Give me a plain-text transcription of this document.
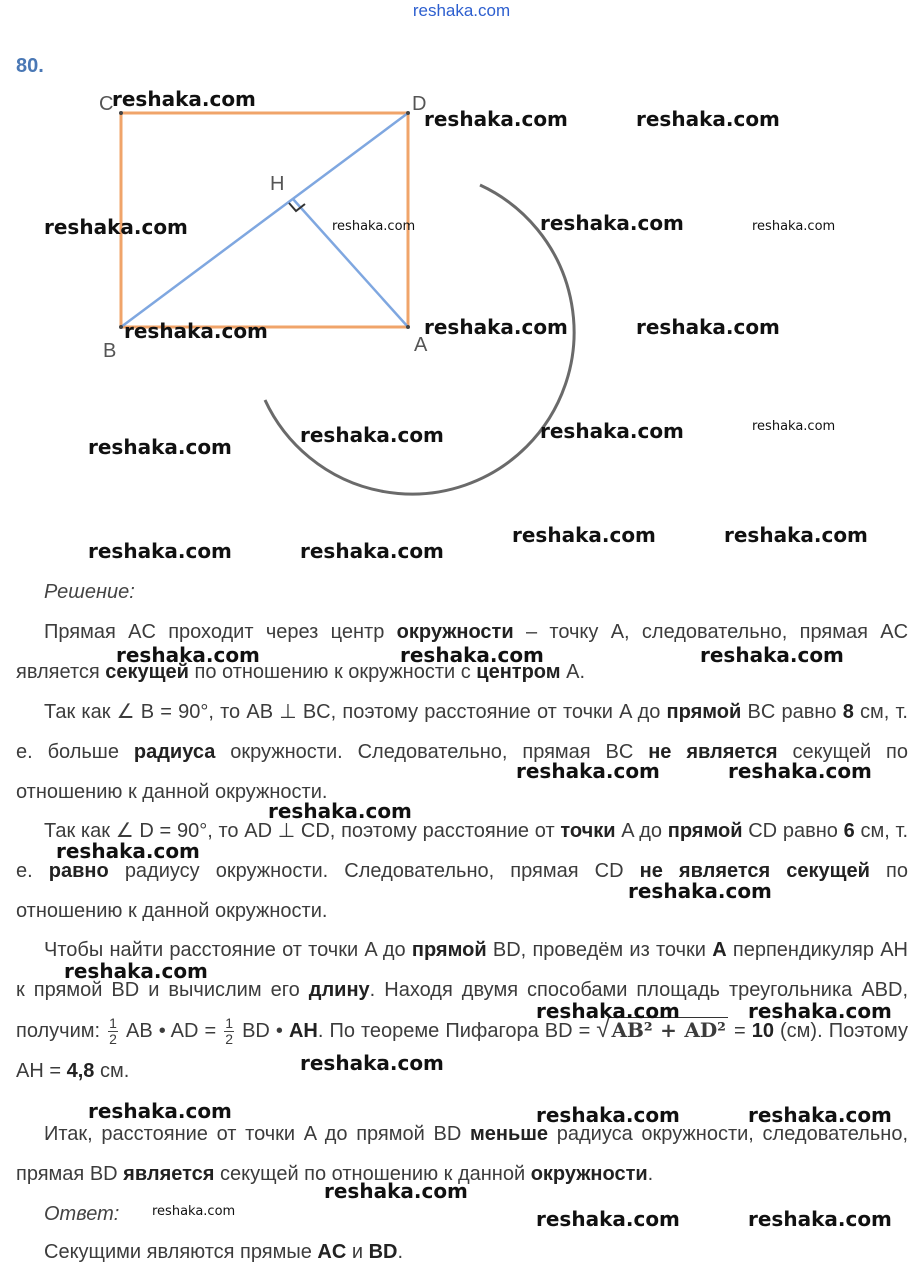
reshaka.com
80.
C	D
H
B	A
reshaka.com
reshaka.com	reshaka.com
reshaka.com	reshaka.com	reshaka.com	reshaka.com
reshaka.com	reshaka.com	reshaka.com
reshaka.com	reshaka.com	reshaka.com	reshaka.com
reshaka.com	reshaka.com
reshaka.com	reshaka.com
Решение:
Прямая AC проходит через центр окружности – точку A, следовательно, прямая AC является секущей по отношению к окружности с центром A.
Так как ∠ B = 90°, то AB ⊥ BC, поэтому расстояние от точки A до прямой BC равно 8 см, т. е. больше радиуса окружности. Следовательно, прямая BC не является секущей по отношению к данной окружности.
Так как ∠ D = 90°, то AD ⊥ CD, поэтому расстояние от точки A до прямой CD равно 6 см, т. е. равно радиусу окружности. Следовательно, прямая CD не является секущей по отношению к данной окружности.
Чтобы найти расстояние от точки A до прямой BD, проведём из точки A перпендикуляр AH к прямой BD и вычислим его длину. Находя двумя способами площадь треугольника ABD, получим: $\frac{1}{2}$ AB • AD = $\frac{1}{2}$ BD • AH. По теореме Пифагора BD = √ AB² + AD² = 10 (см). Поэтому AH = 4,8 см.
Итак, расстояние от точки A до прямой BD меньше радиуса окружности, следовательно, прямая BD является секущей по отношению к данной окружности.
Ответ:
Секущими являются прямые AC и BD.
reshaka.com	reshaka.com	reshaka.com
reshaka.com	reshaka.com
reshaka.com
reshaka.com
reshaka.com
reshaka.com
reshaka.com	reshaka.com
reshaka.com
reshaka.com	reshaka.com	reshaka.com
reshaka.com
reshaka.com	reshaka.com	reshaka.com
